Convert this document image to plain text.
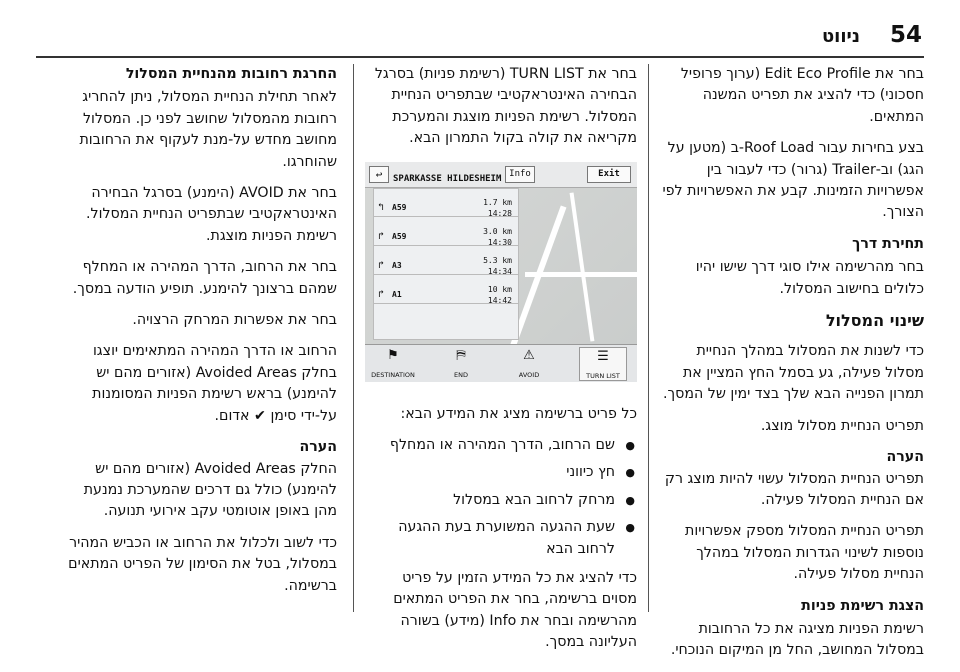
54
ניווט

בחר את Edit Eco Profile (ערוך פרופיל חסכוני) כדי להציג את תפריט המשנה המתאים.

בצע בחירות עבור Roof Load-ב (מטען על הגג) וב-Trailer (גרור) כדי לעבור בין אפשרויות הזמינות. קבע את האפשרויות לפי הצורך.

תחירת דרך

בחר מהרשימה אילו סוגי דרך שישו יהיו כלולים בחישוב המסלול.

שינוי המסלול

כדי לשנות את המסלול במהלך הנחיית מסלול פעילה, גע בסמל החץ המציין את תמרון הפנייה הבא שלך בצד ימין של המסך.

תפריט הנחיית מסלול מוצג.

הערה

תפריט הנחיית המסלול עשוי להיות מוצג רק אם הנחיית המסלול פעילה.

תפריט הנחיית המסלול מספק אפשרויות נוספות לשינוי הגדרות המסלול במהלך הנחיית מסלול פעילה.

הצגת רשימת פניות

רשימת הפניות מציגה את כל הרחובות במסלול המחושב, החל מן המיקום הנוכחי.

בחר את TURN LIST (רשימת פניות) בסרגל הבחירה האינטראקטיבי שבתפריט הנחיית המסלול. רשימת הפניות מוצגת והמערכת מקריאה את קולה בקול התמרון הבא.

↩	SPARKASSE HILDESHEIM Info	Exit
↰ A59
1.7 km
14:28
↱ A59
3.0 km
14:30
↱ A3
5.3 km
14:34
↱ A1
10 km
14:42
⚑
DESTINATION
⛿
END
⚠
AVOID
☰
TURN LIST

כל פריט ברשימה מציג את המידע הבא:

● שם הרחוב, הדרך המהירה או המחלף
● חץ כיווני
● מרחק לרחוב הבא במסלול
● שעת ההגעה המשוערת בעת ההגעה לרחוב הבא

כדי להציג את כל המידע הזמין על פריט מסוים ברשימה, בחר את הפריט המתאים מהרשימה ובחר את Info (מידע) בשורה העליונה במסך.

החרגת רחובות מהנחיית המסלול

לאחר תחילת הנחיית המסלול, ניתן להחריג רחובות מהמסלול שחושב לפני כן. המסלול מחושב מחדש על-מנת לעקוף את הרחובות שהוחרגו.

בחר את AVOID (הימנע) בסרגל הבחירה האינטראקטיבי שבתפריט הנחיית המסלול. רשימת הפניות מוצגת.

בחר את הרחוב, הדרך המהירה או המחלף שמהם ברצונך להימנע. תופיע הודעה במסך.

בחר את אפשרות המרחק הרצויה.

הרחוב או הדרך המהירה המתאימים יוצגו בחלק Avoided Areas (אזורים מהם יש להימנע) בראש רשימת הפניות המסומנות על-ידי סימן ✔ אדום.

הערה

החלק Avoided Areas (אזורים מהם יש להימנע) כולל גם דרכים שהמערכת נמנעת מהן באופן אוטומטי עקב אירועי תנועה.

כדי לשוב ולכלול את הרחוב או הכביש המהיר במסלול, בטל את הסימון של הפריט המתאים ברשימה.
